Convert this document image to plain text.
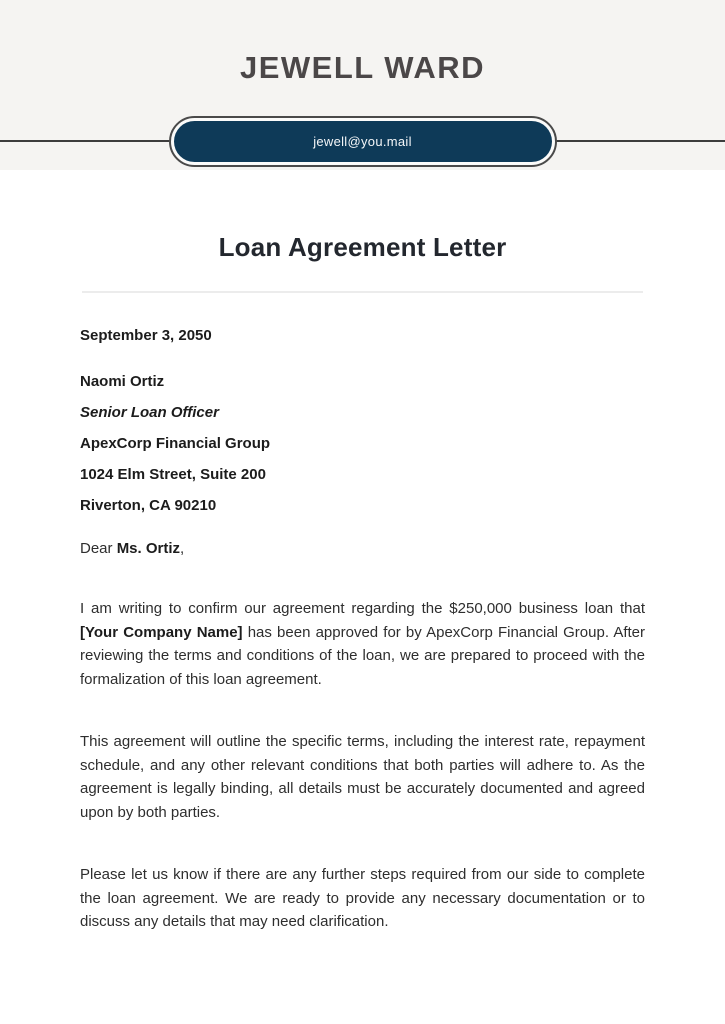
JEWELL WARD
jewell@you.mail
Loan Agreement Letter

September 3, 2050

Naomi Ortiz

Senior Loan Officer

ApexCorp Financial Group

1024 Elm Street, Suite 200

Riverton, CA 90210

Dear Ms. Ortiz,

I am writing to confirm our agreement regarding the $250,000 business loan that [Your Company Name] has been approved for by ApexCorp Financial Group. After reviewing the terms and conditions of the loan, we are prepared to proceed with the formalization of this loan agreement.

This agreement will outline the specific terms, including the interest rate, repayment schedule, and any other relevant conditions that both parties will adhere to. As the agreement is legally binding, all details must be accurately documented and agreed upon by both parties.

Please let us know if there are any further steps required from our side to complete the loan agreement. We are ready to provide any necessary documentation or to discuss any details that may need clarification.
